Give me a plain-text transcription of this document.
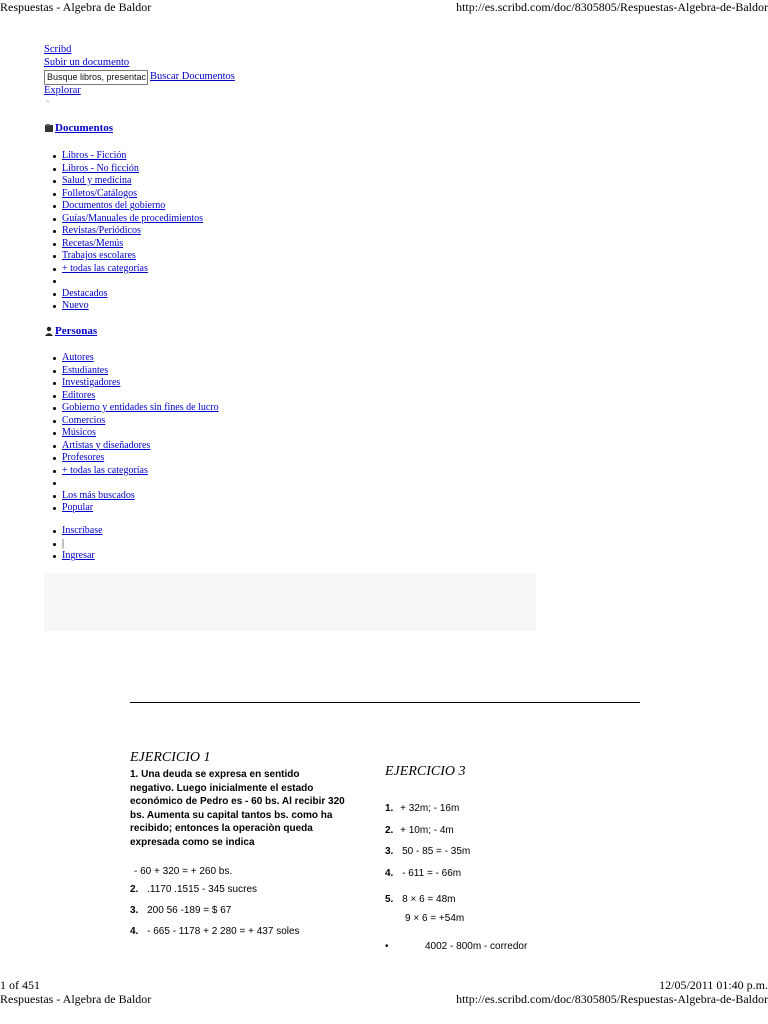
Respuestas - Algebra de Baldor	http://es.scribd.com/doc/8305805/Respuestas-Algebra-de-Baldor
Scribd
Subir un documento
Busque libros, presentac Buscar Documentos
Explorar
⌃
Documentos
Libros - Ficción
Libros - No ficción
Salud y medicina
Folletos/Catálogos
Documentos del gobierno
Guías/Manuales de procedimientos
Revistas/Periódicos
Recetas/Menús
Trabajos escolares
+ todas las categorías

Destacados
Nuevo
Personas
Autores
Estudiantes
Investigadores
Editores
Gobierno y entidades sin fines de lucro
Comercios
Músicos
Artistas y diseñadores
Profesores
+ todas las categorías

Los más buscados
Popular
Inscríbase
|
Ingresar
EJERCICIO 1
1. Una deuda se expresa en sentido negativo. Luego inicialmente el estado económico de Pedro es - 60 bs. Al recibir 320 bs. Aumenta su capital tantos bs. como ha recibido; entonces la operaciòn queda expresada como se indica
- 60 + 320 = + 260 bs.
2. .1170 .1515 - 345 sucres
3. 200 56 -189 = $ 67
4. - 665 - 1178 + 2 280 = + 437 soles
EJERCICIO 3
1. + 32m; - 16m
2. + 10m; - 4m
3. 50 - 85 = - 35m
4. - 611 = - 66m
5. 8 × 6 = 48m
9 × 6 = +54m
•	4002 - 800m - corredor
1 of 451	12/05/2011 01:40 p.m.
Respuestas - Algebra de Baldor	http://es.scribd.com/doc/8305805/Respuestas-Algebra-de-Baldor
